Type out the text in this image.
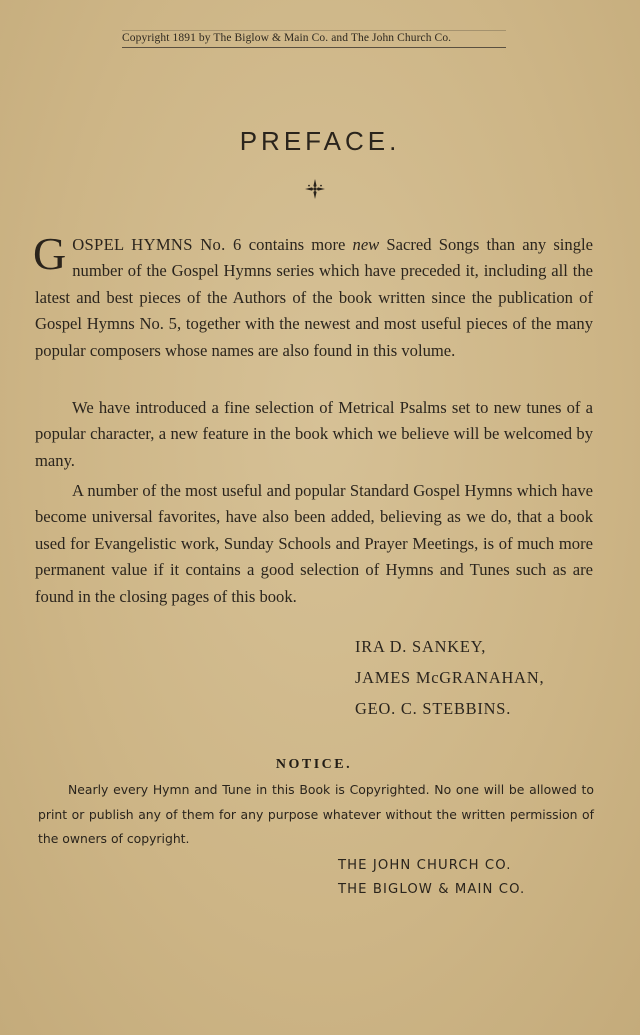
Copyright 1891 by The Biglow & Main Co. and The John Church Co.
PREFACE.
GOSPEL HYMNS No. 6 contains more new Sacred Songs than any single number of the Gospel Hymns series which have preceded it, including all the latest and best pieces of the Authors of the book written since the publication of Gospel Hymns No. 5, together with the newest and most useful pieces of the many popular composers whose names are also found in this volume.
We have introduced a fine selection of Metrical Psalms set to new tunes of a popular character, a new feature in the book which we believe will be welcomed by many.
A number of the most useful and popular Standard Gospel Hymns which have become universal favorites, have also been added, believing as we do, that a book used for Evangelistic work, Sunday Schools and Prayer Meetings, is of much more permanent value if it contains a good selection of Hymns and Tunes such as are found in the closing pages of this book.
IRA D. SANKEY,
JAMES McGRANAHAN,
GEO. C. STEBBINS.
NOTICE.
Nearly every Hymn and Tune in this Book is Copyrighted. No one will be allowed to print or publish any of them for any purpose whatever without the written permission of the owners of copyright.
THE JOHN CHURCH CO.
THE BIGLOW & MAIN CO.
